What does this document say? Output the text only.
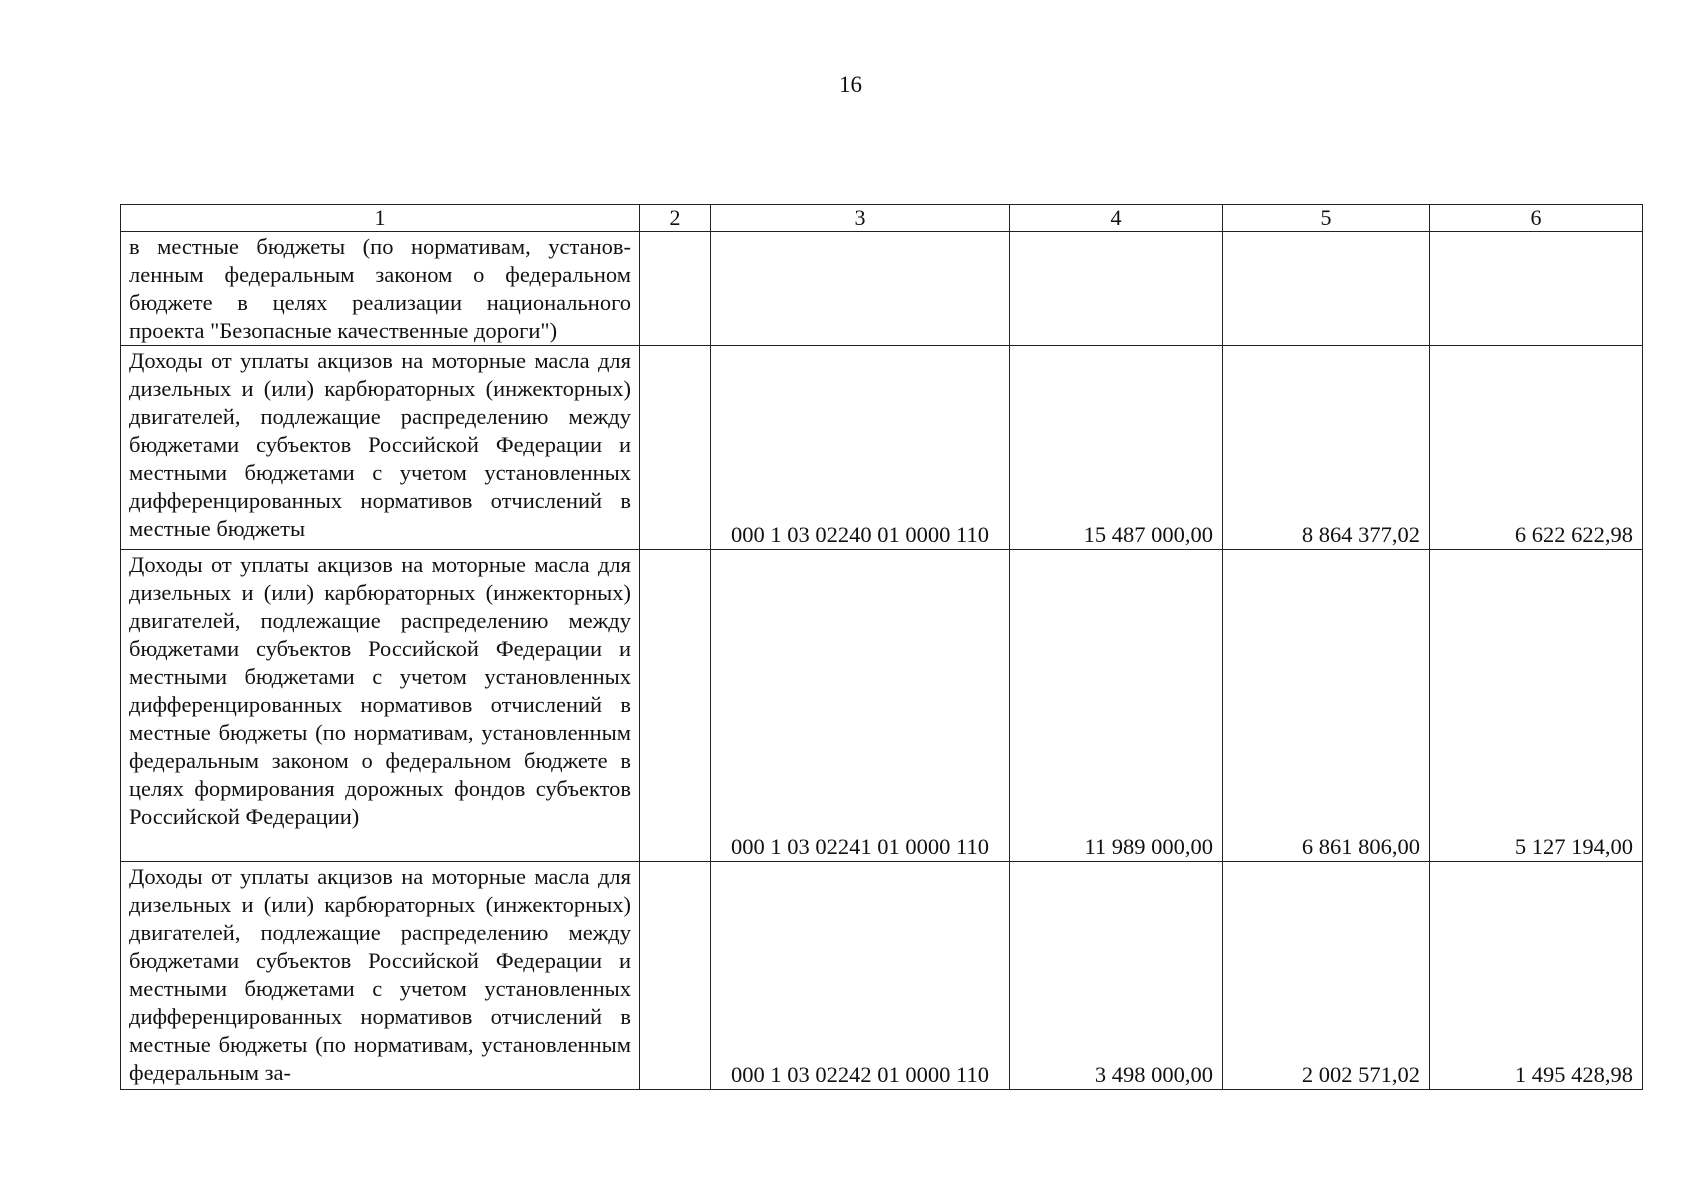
16
1	2	3	4	5	6

в местные бюджеты (по нормативам, установленным федеральным законом о федеральном бюджете в целях реализации национального проекта "Безопасные качественные дороги")					

Доходы от уплаты акцизов на моторные масла для дизельных и (или) карбюраторных (инжекторных) двигателей, подлежащие распределению между бюджетами субъектов Российской Федерации и местными бюджетами с учетом установленных дифференцированных нормативов отчислений в местные бюджеты		000 1 03 02240 01 0000 110	15 487 000,00	8 864 377,02	6 622 622,98

Доходы от уплаты акцизов на моторные масла для дизельных и (или) карбюраторных (инжекторных) двигателей, подлежащие распределению между бюджетами субъектов Российской Федерации и местными бюджетами с учетом установленных дифференцированных нормативов отчислений в местные бюджеты (по нормативам, установленным федеральным законом о федеральном бюджете в целях формирования дорожных фондов субъектов Российской Федерации)		000 1 03 02241 01 0000 110	11 989 000,00	6 861 806,00	5 127 194,00

Доходы от уплаты акцизов на моторные масла для дизельных и (или) карбюраторных (инжекторных) двигателей, подлежащие распределению между бюджетами субъектов Российской Федерации и местными бюджетами с учетом установленных дифференцированных нормативов отчислений в местные бюджеты (по нормативам, установленным федеральным за-		000 1 03 02242 01 0000 110	3 498 000,00	2 002 571,02	1 495 428,98
